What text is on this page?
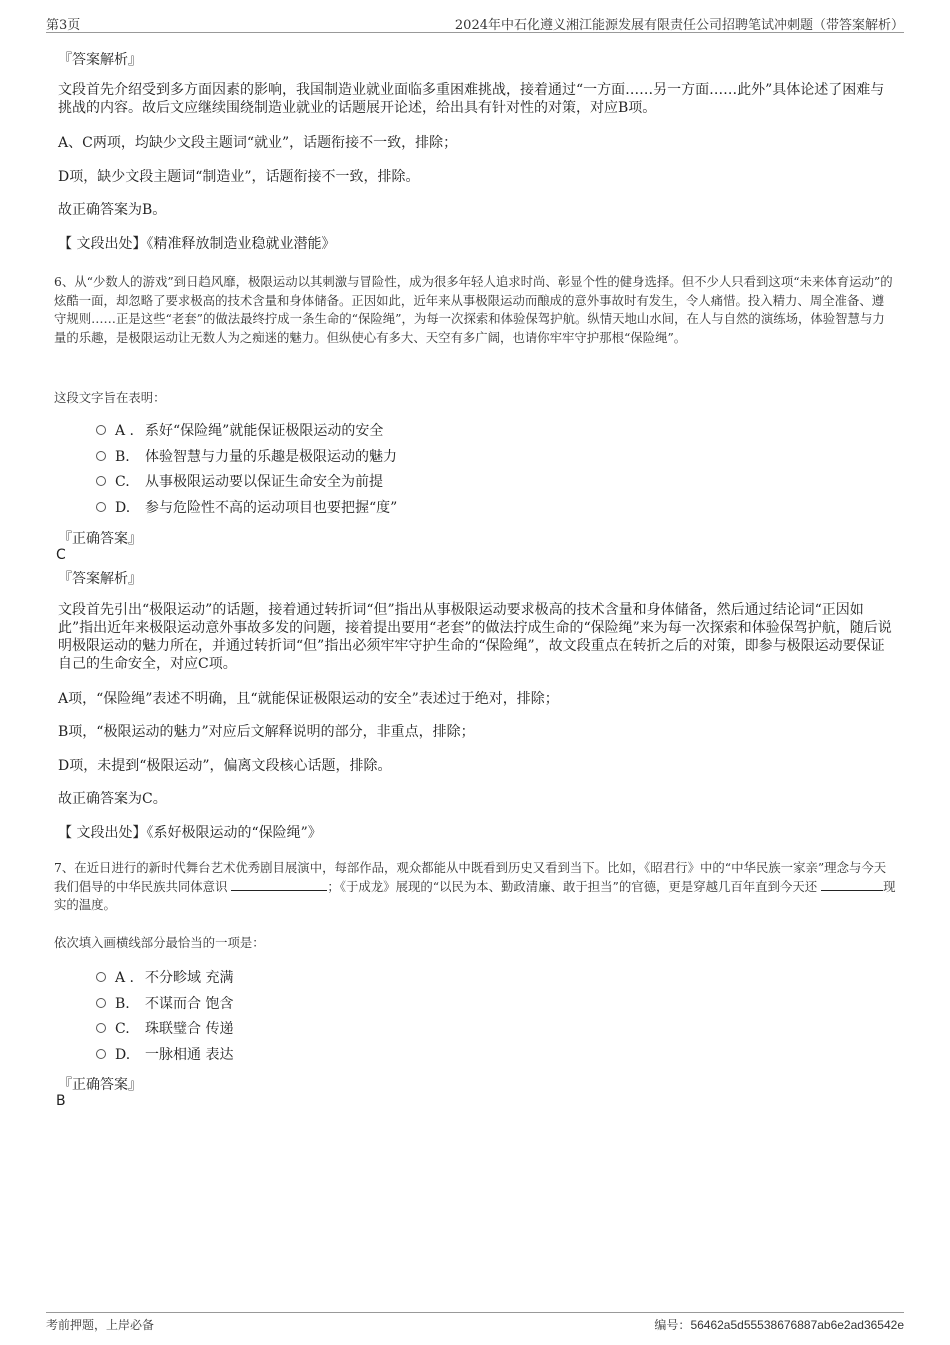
第3页	2024年中石化遵义湘江能源发展有限责任公司招聘笔试冲刺题（带答案解析）
『答案解析』
文段首先介绍受到多方面因素的影响，我国制造业就业面临多重困难挑战，接着通过“一方面……另一方面……此外”具体论述了困难与挑战的内容。故后文应继续围绕制造业就业的话题展开论述，给出具有针对性的对策，对应B项。
A、C两项，均缺少文段主题词“就业”，话题衔接不一致，排除；
D项，缺少文段主题词“制造业”，话题衔接不一致，排除。
故正确答案为B。
【 文段出处】《精准释放制造业稳就业潜能》
6、从“少数人的游戏”到日趋风靡，极限运动以其刺激与冒险性，成为很多年轻人追求时尚、彰显个性的健身选择。但不少人只看到这项“未来体育运动”的炫酷一面，却忽略了要求极高的技术含量和身体储备。正因如此，近年来从事极限运动而酿成的意外事故时有发生，令人痛惜。投入精力、周全准备、遵守规则……正是这些“老套”的做法最终拧成一条生命的“保险绳”，为每一次探索和体验保驾护航。纵情天地山水间，在人与自然的演练场，体验智慧与力量的乐趣，是极限运动让无数人为之痴迷的魅力。但纵使心有多大、天空有多广阔，也请你牢牢守护那根“保险绳”。
这段文字旨在表明：
A . 系好“保险绳”就能保证极限运动的安全
B. 体验智慧与力量的乐趣是极限运动的魅力
C. 从事极限运动要以保证生命安全为前提
D. 参与危险性不高的运动项目也要把握“度”
『正确答案』
C
『答案解析』
文段首先引出“极限运动”的话题，接着通过转折词“但”指出从事极限运动要求极高的技术含量和身体储备，然后通过结论词“正因如此”指出近年来极限运动意外事故多发的问题，接着提出要用“老套”的做法拧成生命的“保险绳”来为每一次探索和体验保驾护航，随后说明极限运动的魅力所在，并通过转折词“但”指出必须牢牢守护生命的“保险绳”，故文段重点在转折之后的对策，即参与极限运动要保证自己的生命安全，对应C项。
A项，“保险绳”表述不明确，且“就能保证极限运动的安全”表述过于绝对，排除；
B项，“极限运动的魅力”对应后文解释说明的部分，非重点，排除；
D项，未提到“极限运动”，偏离文段核心话题，排除。
故正确答案为C。
【 文段出处】《系好极限运动的“保险绳”》
7、在近日进行的新时代舞台艺术优秀剧目展演中，每部作品，观众都能从中既看到历史又看到当下。比如，《昭君行》中的“中华民族一家亲”理念与今天我们倡导的中华民族共同体意识	；《于成龙》展现的“以民为本、勤政清廉、敢于担当”的官德，更是穿越几百年直到今天还	现实的温度。
依次填入画横线部分最恰当的一项是：
A . 不分畛域 充满
B. 不谋而合 饱含
C. 珠联璧合 传递
D. 一脉相通 表达
『正确答案』
B
考前押题，上岸必备	编号：56462a5d55538676887ab6e2ad36542e
